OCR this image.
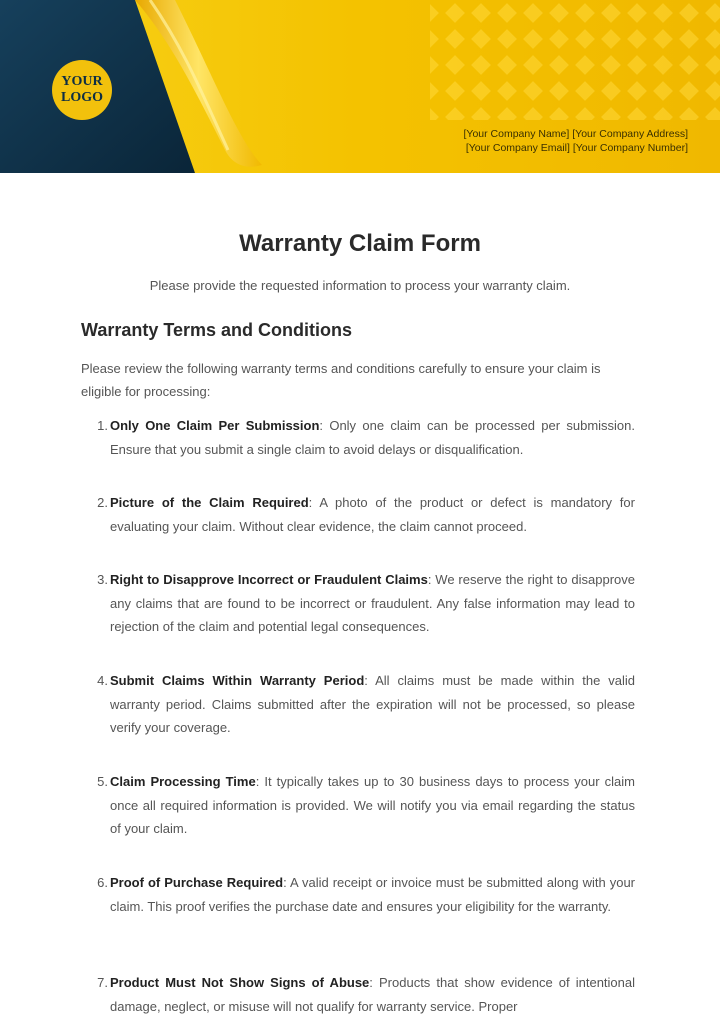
YOUR
LOGO
[Your Company Name] [Your Company Address]
[Your Company Email] [Your Company Number]
Warranty Claim Form

Please provide the requested information to process your warranty claim.

Warranty Terms and Conditions

Please review the following warranty terms and conditions carefully to ensure your claim is eligible for processing:

1. Only One Claim Per Submission: Only one claim can be processed per submission. Ensure that you submit a single claim to avoid delays or disqualification.
2. Picture of the Claim Required: A photo of the product or defect is mandatory for evaluating your claim. Without clear evidence, the claim cannot proceed.
3. Right to Disapprove Incorrect or Fraudulent Claims: We reserve the right to disapprove any claims that are found to be incorrect or fraudulent. Any false information may lead to rejection of the claim and potential legal consequences.
4. Submit Claims Within Warranty Period: All claims must be made within the valid warranty period. Claims submitted after the expiration will not be processed, so please verify your coverage.
5. Claim Processing Time: It typically takes up to 30 business days to process your claim once all required information is provided. We will notify you via email regarding the status of your claim.
6. Proof of Purchase Required: A valid receipt or invoice must be submitted along with your claim. This proof verifies the purchase date and ensures your eligibility for the warranty.
7. Product Must Not Show Signs of Abuse: Products that show evidence of intentional damage, neglect, or misuse will not qualify for warranty service. Proper
